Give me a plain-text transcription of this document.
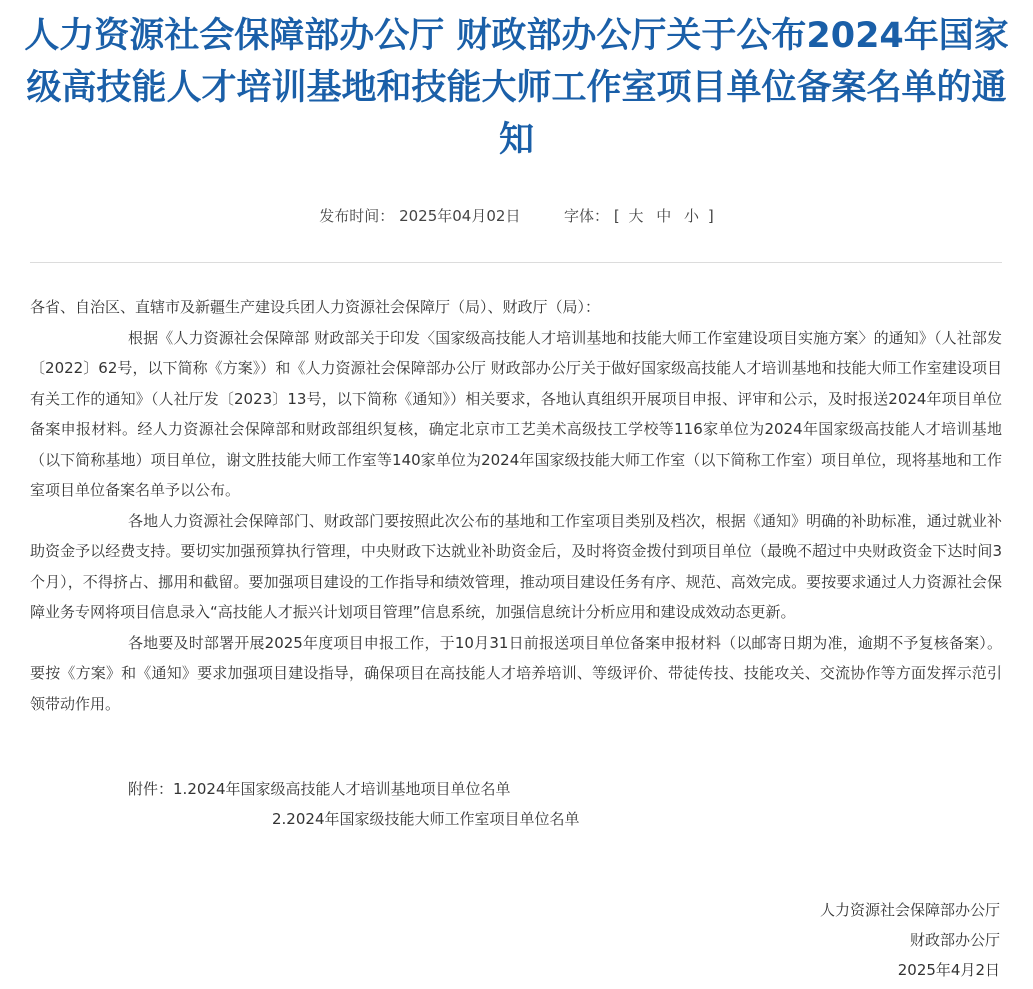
人力资源社会保障部办公厅 财政部办公厅关于公布2024年国家级高技能人才培训基地和技能大师工作室项目单位备案名单的通知
发布时间： 2025年04月02日	字体： [ 大 中 小 ]

各省、自治区、直辖市及新疆生产建设兵团人力资源社会保障厅（局）、财政厅（局）：

根据《人力资源社会保障部 财政部关于印发〈国家级高技能人才培训基地和技能大师工作室建设项目实施方案〉的通知》（人社部发〔2022〕62号，以下简称《方案》）和《人力资源社会保障部办公厅 财政部办公厅关于做好国家级高技能人才培训基地和技能大师工作室建设项目有关工作的通知》（人社厅发〔2023〕13号，以下简称《通知》）相关要求，各地认真组织开展项目申报、评审和公示，及时报送2024年项目单位备案申报材料。经人力资源社会保障部和财政部组织复核，确定北京市工艺美术高级技工学校等116家单位为2024年国家级高技能人才培训基地（以下简称基地）项目单位，谢文胜技能大师工作室等140家单位为2024年国家级技能大师工作室（以下简称工作室）项目单位，现将基地和工作室项目单位备案名单予以公布。

各地人力资源社会保障部门、财政部门要按照此次公布的基地和工作室项目类别及档次，根据《通知》明确的补助标准，通过就业补助资金予以经费支持。要切实加强预算执行管理，中央财政下达就业补助资金后，及时将资金拨付到项目单位（最晚不超过中央财政资金下达时间3个月），不得挤占、挪用和截留。要加强项目建设的工作指导和绩效管理，推动项目建设任务有序、规范、高效完成。要按要求通过人力资源社会保障业务专网将项目信息录入“高技能人才振兴计划项目管理”信息系统，加强信息统计分析应用和建设成效动态更新。

各地要及时部署开展2025年度项目申报工作，于10月31日前报送项目单位备案申报材料（以邮寄日期为准，逾期不予复核备案）。要按《方案》和《通知》要求加强项目建设指导，确保项目在高技能人才培养培训、等级评价、带徒传技、技能攻关、交流协作等方面发挥示范引领带动作用。

附件：1.2024年国家级高技能人才培训基地项目单位名单
2.2024年国家级技能大师工作室项目单位名单
人力资源社会保障部办公厅
财政部办公厅
2025年4月2日
